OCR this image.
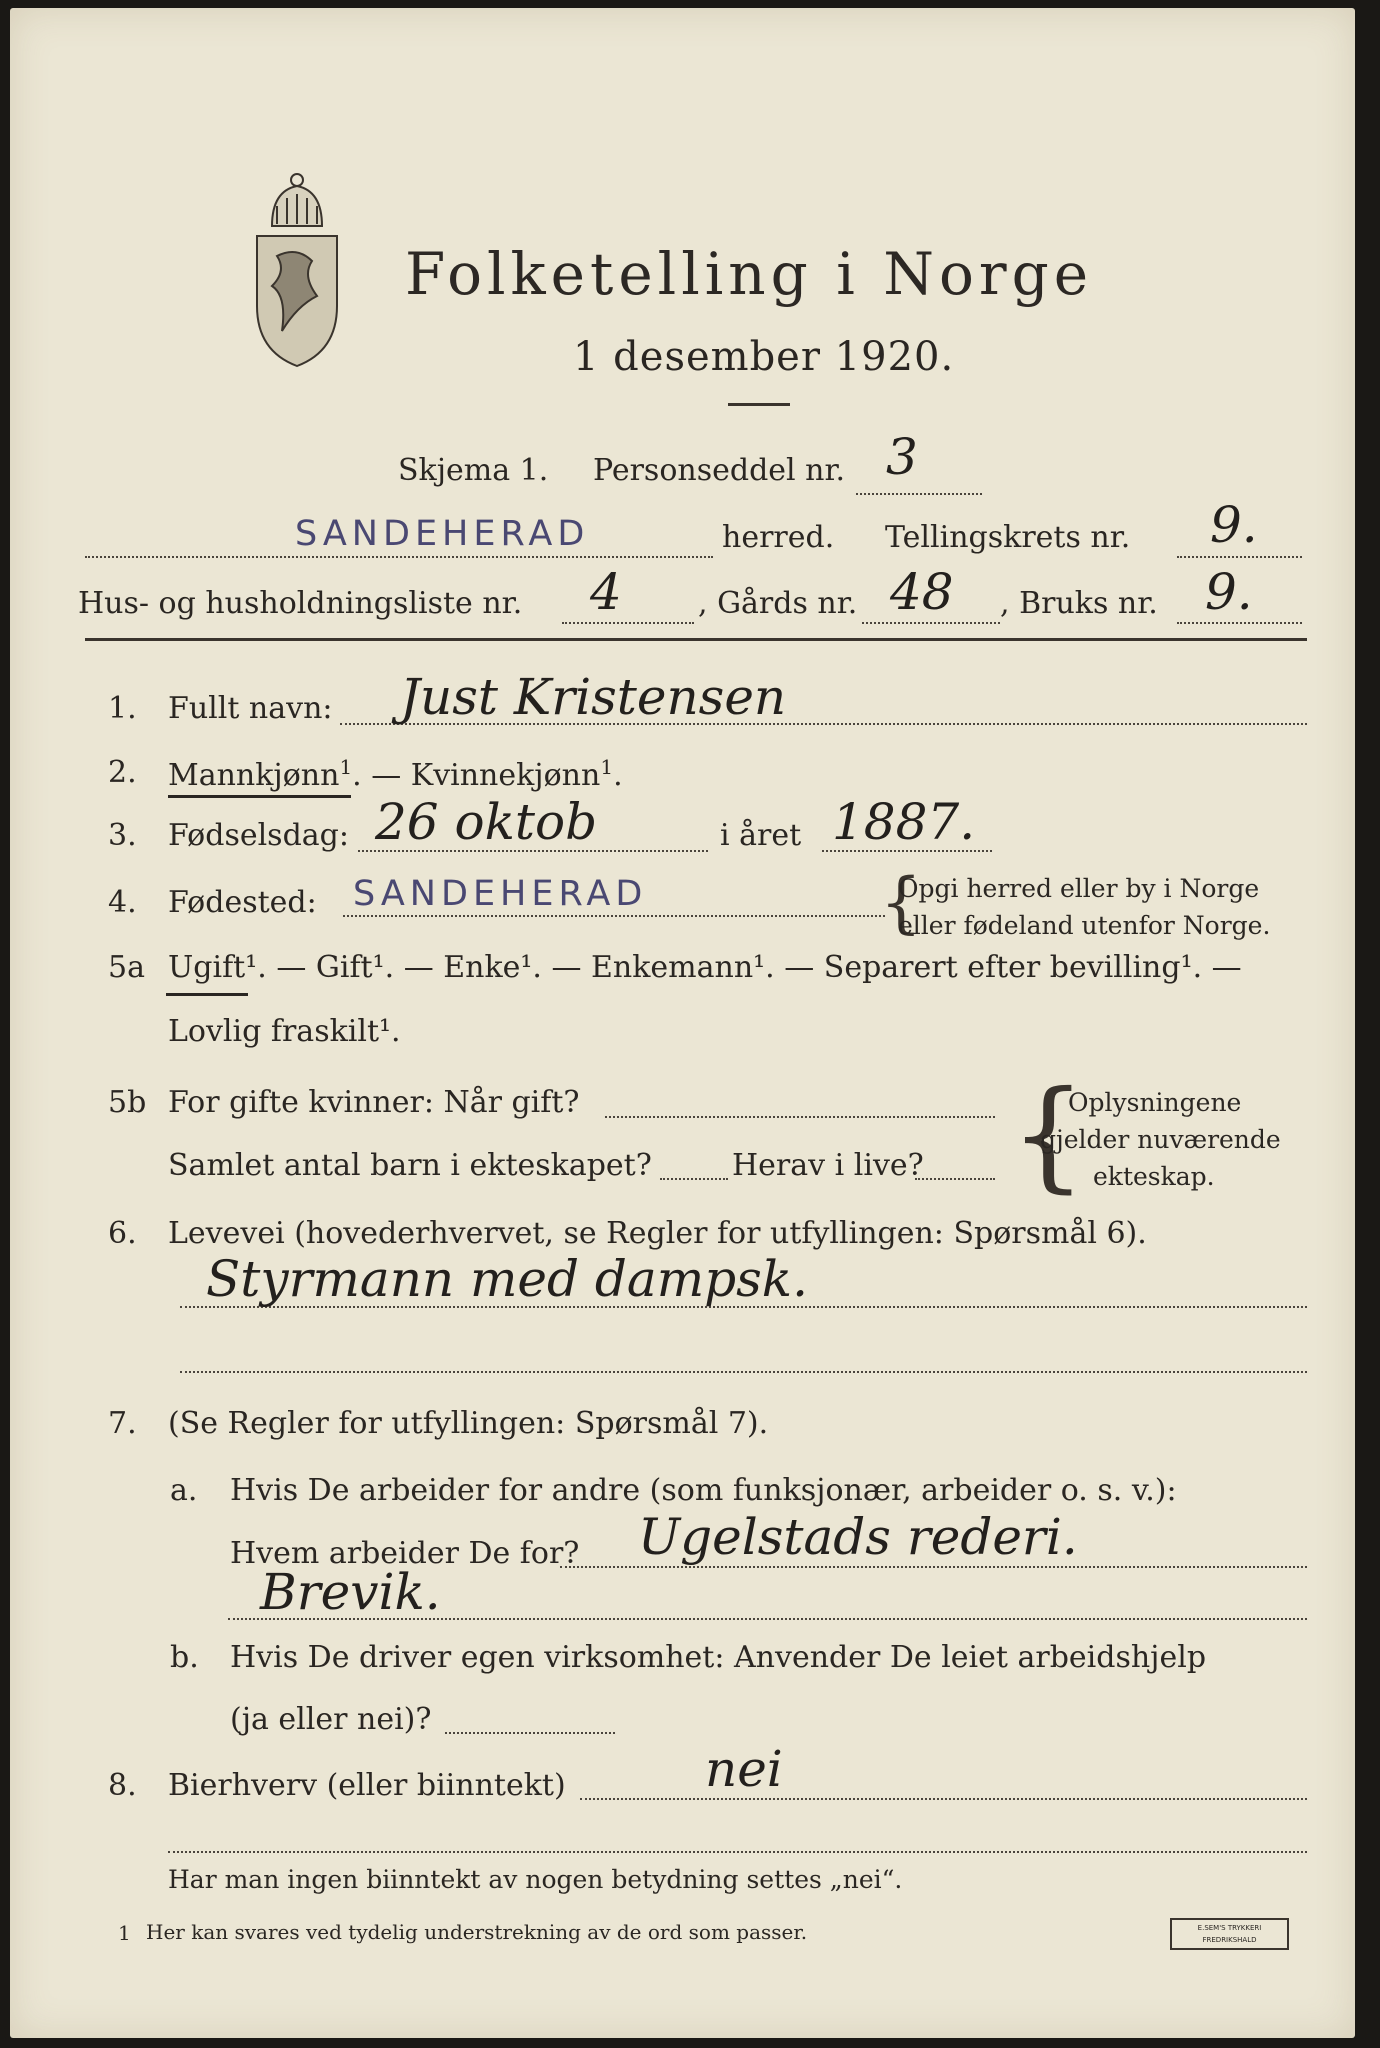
Folketelling i Norge
1 desember 1920.
Skjema 1. Personseddel nr. 3
SANDEHERAD	herred. Tellingskrets nr. 9.
Hus- og husholdningsliste nr. 4	, Gårds nr. 48 , Bruks nr. 9.
1. Fullt navn: Just Kristensen
2. Mannkjønn$^1$. — Kvinnekjønn$^1$.
3. Fødselsdag: 26 oktob	i året 1887.
4. Fødested: SANDEHERAD	{
Opgi herred eller by i Norge
eller fødeland utenfor Norge.
5a Ugift¹. — Gift¹. — Enke¹. — Enkemann¹. — Separert efter bevilling¹. —
Lovlig fraskilt¹.
5b For gifte kvinner: Når gift?
Samlet antal barn i ekteskapet?	Herav i live? {
Oplysningene
gjelder nuværende
ekteskap.
6. Levevei (hovederhvervet, se Regler for utfyllingen: Spørsmål 6).
Styrmann med dampsk.
7. (Se Regler for utfyllingen: Spørsmål 7).
a. Hvis De arbeider for andre (som funksjonær, arbeider o. s. v.):
Hvem arbeider De for? Ugelstads rederi.
Brevik.
b. Hvis De driver egen virksomhet: Anvender De leiet arbeidshjelp
(ja eller nei)?
8. Bierhverv (eller biinntekt)	nei
Har man ingen biinntekt av nogen betydning settes „nei“.
1 Her kan svares ved tydelig understrekning av de ord som passer.	E.SEM'S TRYKKERI FREDRIKSHALD
